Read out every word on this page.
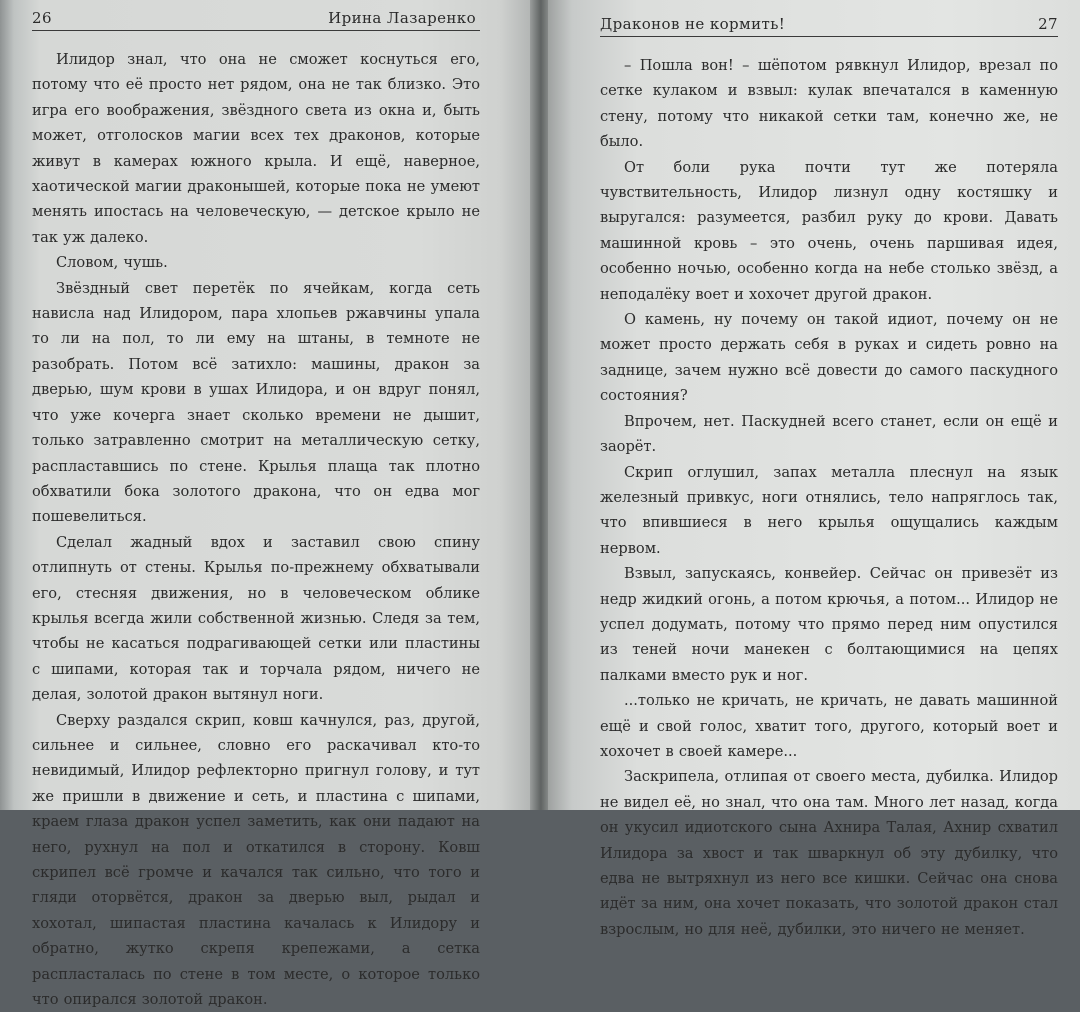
26	Ирина Лазаренко

Илидор знал, что она не сможет коснуться его, потому что её просто нет рядом, она не так близко. Это игра его воображения, звёздного света из окна и, быть может, отголосков магии всех тех драконов, которые живут в камерах южного крыла. И ещё, наверное, хаотической магии драконышей, которые пока не умеют менять ипостась на человеческую, — детское крыло не так уж далеко.

Словом, чушь.

Звёздный свет перетёк по ячейкам, когда сеть нависла над Илидором, пара хлопьев ржавчины упала то ли на пол, то ли ему на штаны, в темноте не разобрать. Потом всё затихло: машины, дракон за дверью, шум крови в ушах Илидора, и он вдруг понял, что уже кочерга знает сколько времени не дышит, только затравленно смотрит на металлическую сетку, распластавшись по стене. Крылья плаща так плотно обхватили бока золотого дракона, что он едва мог пошевелиться.

Сделал жадный вдох и заставил свою спину отлипнуть от стены. Крылья по-прежнему обхватывали его, стесняя движения, но в человеческом облике крылья всегда жили собственной жизнью. Следя за тем, чтобы не касаться подрагивающей сетки или пластины с шипами, которая так и торчала рядом, ничего не делая, золотой дракон вытянул ноги.

Сверху раздался скрип, ковш качнулся, раз, другой, сильнее и сильнее, словно его раскачивал кто-то невидимый, Илидор рефлекторно пригнул голову, и тут же пришли в движение и сеть, и пластина с шипами, краем глаза дракон успел заметить, как они падают на него, рухнул на пол и откатился в сторону. Ковш скрипел всё громче и качался так сильно, что того и гляди оторвётся, дракон за дверью выл, рыдал и хохотал, шипастая пластина качалась к Илидору и обратно, жутко скрепя крепежами, а сетка распласталась по стене в том месте, о которое только что опирался золотой дракон.

Драконов не кормить!	27

– Пошла вон! – шёпотом рявкнул Илидор, врезал по сетке кулаком и взвыл: кулак впечатался в каменную стену, потому что никакой сетки там, конечно же, не было.

От боли рука почти тут же потеряла чувствительность, Илидор лизнул одну костяшку и выругался: разумеется, разбил руку до крови. Давать машинной кровь – это очень, очень паршивая идея, особенно ночью, особенно когда на небе столько звёзд, а неподалёку воет и хохочет другой дракон.

О камень, ну почему он такой идиот, почему он не может просто держать себя в руках и сидеть ровно на заднице, зачем нужно всё довести до самого паскудного состояния?

Впрочем, нет. Паскудней всего станет, если он ещё и заорёт.

Скрип оглушил, запах металла плеснул на язык железный привкус, ноги отнялись, тело напряглось так, что впившиеся в него крылья ощущались каждым нервом.

Взвыл, запускаясь, конвейер. Сейчас он привезёт из недр жидкий огонь, а потом крючья, а потом... Илидор не успел додумать, потому что прямо перед ним опустился из теней ночи манекен с болтающимися на цепях палками вместо рук и ног.

...только не кричать, не кричать, не давать машинной ещё и свой голос, хватит того, другого, который воет и хохочет в своей камере...

Заскрипела, отлипая от своего места, дубилка. Илидор не видел её, но знал, что она там. Много лет назад, когда он укусил идиотского сына Ахнира Талая, Ахнир схватил Илидора за хвост и так шваркнул об эту дубилку, что едва не вытряхнул из него все кишки. Сейчас она снова идёт за ним, она хочет показать, что золотой дракон стал взрослым, но для неё, дубилки, это ничего не меняет.
